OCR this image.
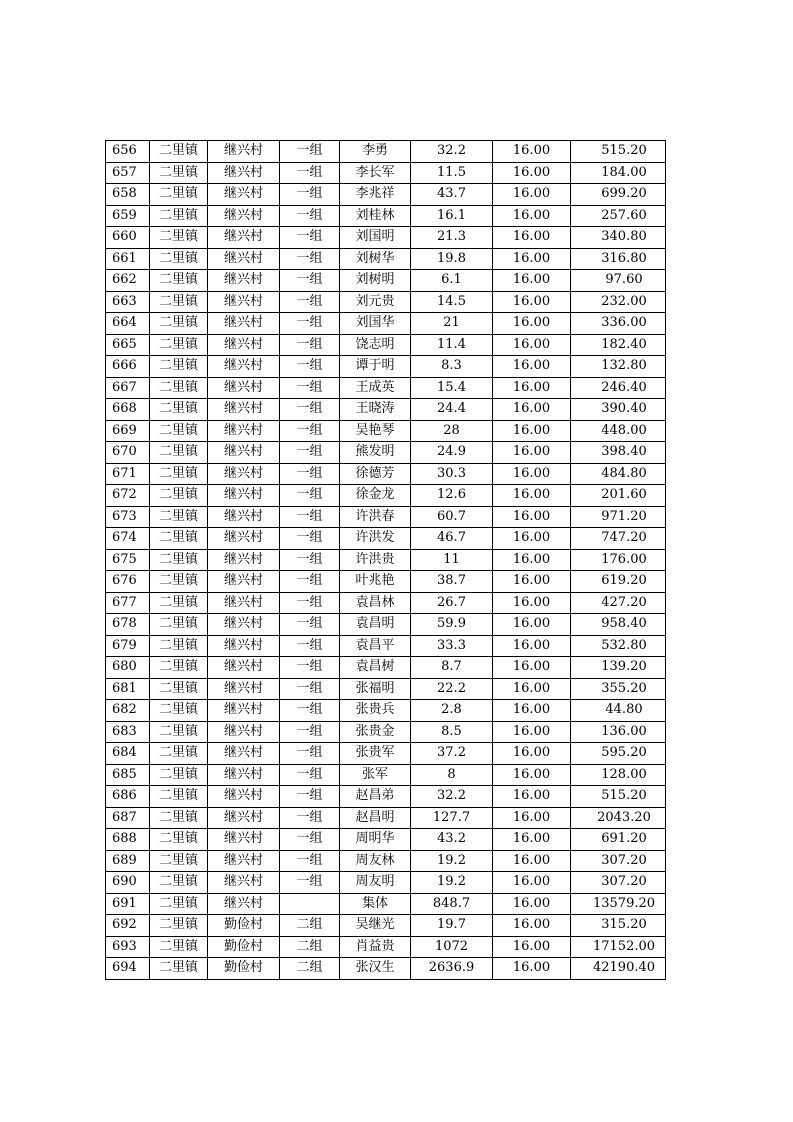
656	二里镇	继兴村	一组	李勇	32.2	16.00	515.20
657	二里镇	继兴村	一组	李长军	11.5	16.00	184.00
658	二里镇	继兴村	一组	李兆祥	43.7	16.00	699.20
659	二里镇	继兴村	一组	刘桂林	16.1	16.00	257.60
660	二里镇	继兴村	一组	刘国明	21.3	16.00	340.80
661	二里镇	继兴村	一组	刘树华	19.8	16.00	316.80
662	二里镇	继兴村	一组	刘树明	6.1	16.00	97.60
663	二里镇	继兴村	一组	刘元贵	14.5	16.00	232.00
664	二里镇	继兴村	一组	刘国华	21	16.00	336.00
665	二里镇	继兴村	一组	饶志明	11.4	16.00	182.40
666	二里镇	继兴村	一组	谭于明	8.3	16.00	132.80
667	二里镇	继兴村	一组	王成英	15.4	16.00	246.40
668	二里镇	继兴村	一组	王晓涛	24.4	16.00	390.40
669	二里镇	继兴村	一组	吴艳琴	28	16.00	448.00
670	二里镇	继兴村	一组	熊发明	24.9	16.00	398.40
671	二里镇	继兴村	一组	徐德芳	30.3	16.00	484.80
672	二里镇	继兴村	一组	徐金龙	12.6	16.00	201.60
673	二里镇	继兴村	一组	许洪春	60.7	16.00	971.20
674	二里镇	继兴村	一组	许洪发	46.7	16.00	747.20
675	二里镇	继兴村	一组	许洪贵	11	16.00	176.00
676	二里镇	继兴村	一组	叶兆艳	38.7	16.00	619.20
677	二里镇	继兴村	一组	袁昌林	26.7	16.00	427.20
678	二里镇	继兴村	一组	袁昌明	59.9	16.00	958.40
679	二里镇	继兴村	一组	袁昌平	33.3	16.00	532.80
680	二里镇	继兴村	一组	袁昌树	8.7	16.00	139.20
681	二里镇	继兴村	一组	张福明	22.2	16.00	355.20
682	二里镇	继兴村	一组	张贵兵	2.8	16.00	44.80
683	二里镇	继兴村	一组	张贵金	8.5	16.00	136.00
684	二里镇	继兴村	一组	张贵军	37.2	16.00	595.20
685	二里镇	继兴村	一组	张军	8	16.00	128.00
686	二里镇	继兴村	一组	赵昌弟	32.2	16.00	515.20
687	二里镇	继兴村	一组	赵昌明	127.7	16.00	2043.20
688	二里镇	继兴村	一组	周明华	43.2	16.00	691.20
689	二里镇	继兴村	一组	周友林	19.2	16.00	307.20
690	二里镇	继兴村	一组	周友明	19.2	16.00	307.20
691	二里镇	继兴村		集体	848.7	16.00	13579.20
692	二里镇	勤俭村	二组	吴继光	19.7	16.00	315.20
693	二里镇	勤俭村	二组	肖益贵	1072	16.00	17152.00
694	二里镇	勤俭村	二组	张汉生	2636.9	16.00	42190.40
